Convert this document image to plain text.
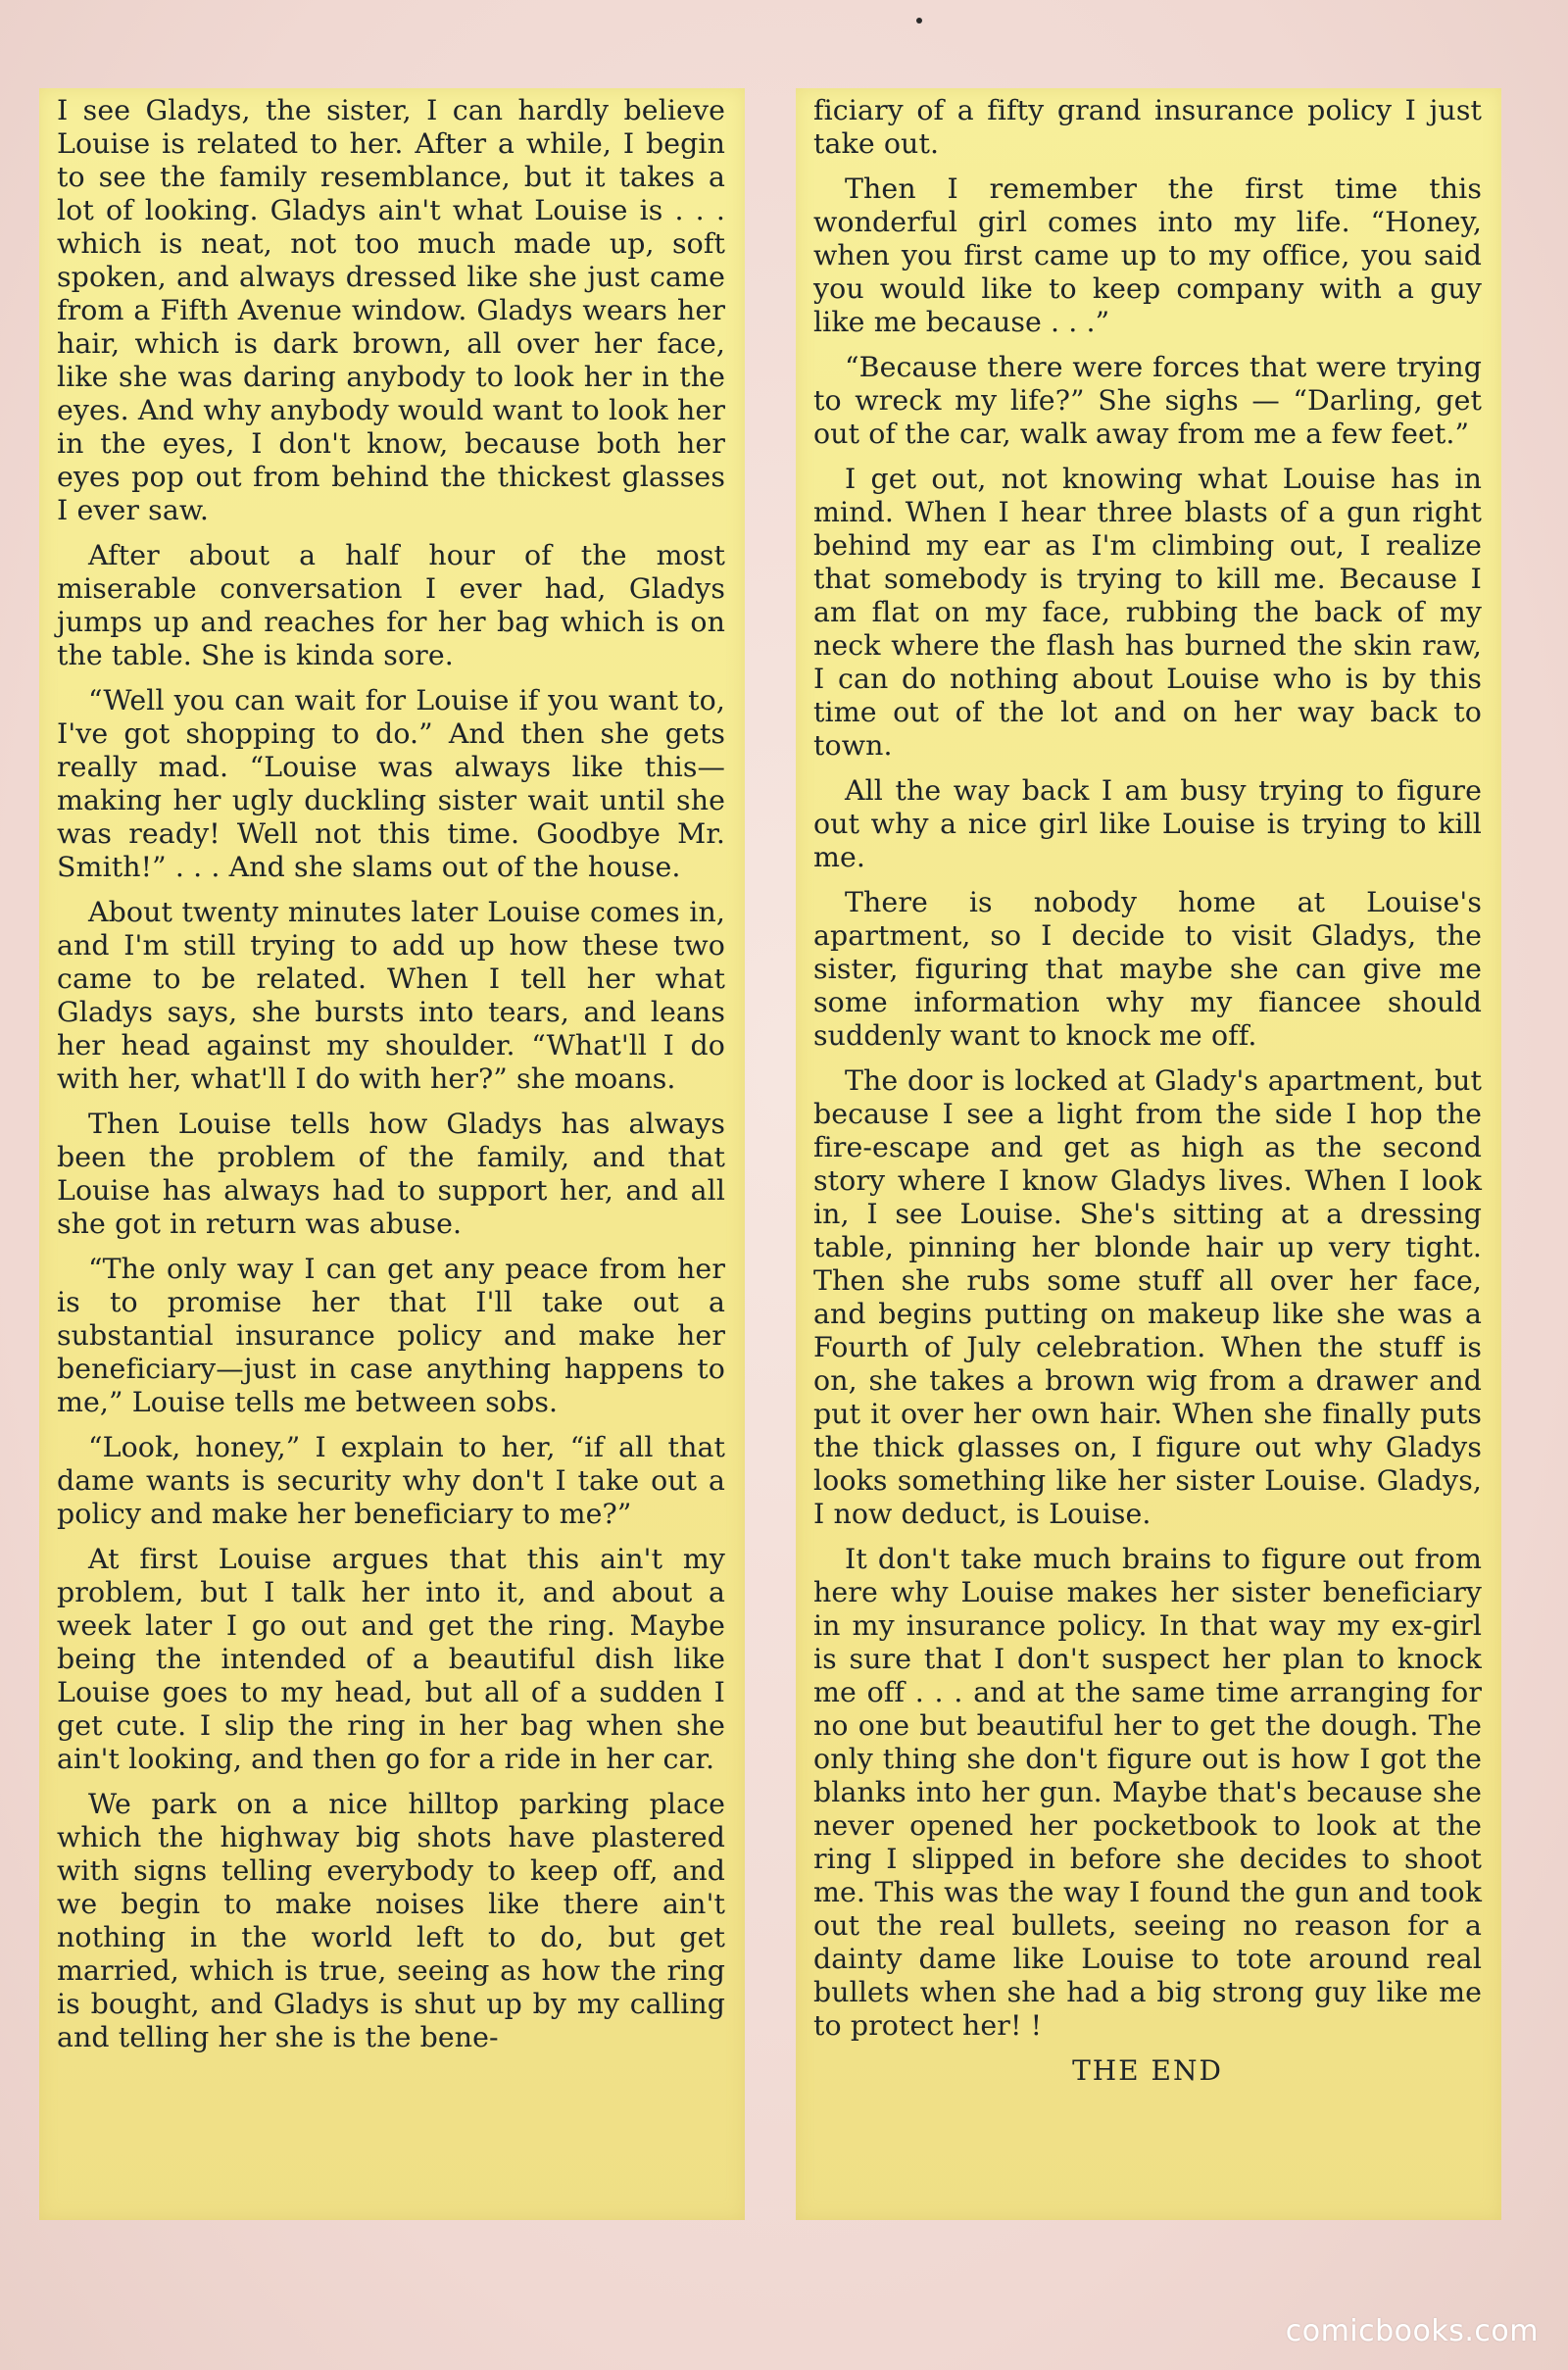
I see Gladys, the sister, I can hardly believe Louise is related to her. After a while, I begin to see the family resemblance, but it takes a lot of looking. Gladys ain't what Louise is . . . which is neat, not too much made up, soft spoken, and always dressed like she just came from a Fifth Avenue window. Gladys wears her hair, which is dark brown, all over her face, like she was daring anybody to look her in the eyes. And why anybody would want to look her in the eyes, I don't know, because both her eyes pop out from behind the thickest glasses I ever saw.

After about a half hour of the most miserable conversation I ever had, Gladys jumps up and reaches for her bag which is on the table. She is kinda sore.

“Well you can wait for Louise if you want to, I've got shopping to do.” And then she gets really mad. “Louise was always like this—making her ugly duckling sister wait until she was ready! Well not this time. Goodbye Mr. Smith!” . . . And she slams out of the house.

About twenty minutes later Louise comes in, and I'm still trying to add up how these two came to be related. When I tell her what Gladys says, she bursts into tears, and leans her head against my shoulder. “What'll I do with her, what'll I do with her?” she moans.

Then Louise tells how Gladys has always been the problem of the family, and that Louise has always had to support her, and all she got in return was abuse.

“The only way I can get any peace from her is to promise her that I'll take out a substantial insurance policy and make her beneficiary—just in case anything happens to me,” Louise tells me between sobs.

“Look, honey,” I explain to her, “if all that dame wants is security why don't I take out a policy and make her beneficiary to me?”

At first Louise argues that this ain't my problem, but I talk her into it, and about a week later I go out and get the ring. Maybe being the intended of a beautiful dish like Louise goes to my head, but all of a sudden I get cute. I slip the ring in her bag when she ain't looking, and then go for a ride in her car.

We park on a nice hilltop parking place which the highway big shots have plastered with signs telling everybody to keep off, and we begin to make noises like there ain't nothing in the world left to do, but get married, which is true, seeing as how the ring is bought, and Gladys is shut up by my calling and telling her she is the bene-

ficiary of a fifty grand insurance policy I just take out.

Then I remember the first time this wonderful girl comes into my life. “Honey, when you first came up to my office, you said you would like to keep company with a guy like me because . . .”

“Because there were forces that were trying to wreck my life?” She sighs — “Darling, get out of the car, walk away from me a few feet.”

I get out, not knowing what Louise has in mind. When I hear three blasts of a gun right behind my ear as I'm climbing out, I realize that somebody is trying to kill me. Because I am flat on my face, rubbing the back of my neck where the flash has burned the skin raw, I can do nothing about Louise who is by this time out of the lot and on her way back to town.

All the way back I am busy trying to figure out why a nice girl like Louise is trying to kill me.

There is nobody home at Louise's apartment, so I decide to visit Gladys, the sister, figuring that maybe she can give me some information why my fiancee should suddenly want to knock me off.

The door is locked at Glady's apartment, but because I see a light from the side I hop the fire-escape and get as high as the second story where I know Gladys lives. When I look in, I see Louise. She's sitting at a dressing table, pinning her blonde hair up very tight. Then she rubs some stuff all over her face, and begins putting on makeup like she was a Fourth of July celebration. When the stuff is on, she takes a brown wig from a drawer and put it over her own hair. When she finally puts the thick glasses on, I figure out why Gladys looks something like her sister Louise. Gladys, I now deduct, is Louise.

It don't take much brains to figure out from here why Louise makes her sister beneficiary in my insurance policy. In that way my ex-girl is sure that I don't suspect her plan to knock me off . . . and at the same time arranging for no one but beautiful her to get the dough. The only thing she don't figure out is how I got the blanks into her gun. Maybe that's because she never opened her pocketbook to look at the ring I slipped in before she decides to shoot me. This was the way I found the gun and took out the real bullets, seeing no reason for a dainty dame like Louise to tote around real bullets when she had a big strong guy like me to protect her! !

THE END

comicbooks.com
